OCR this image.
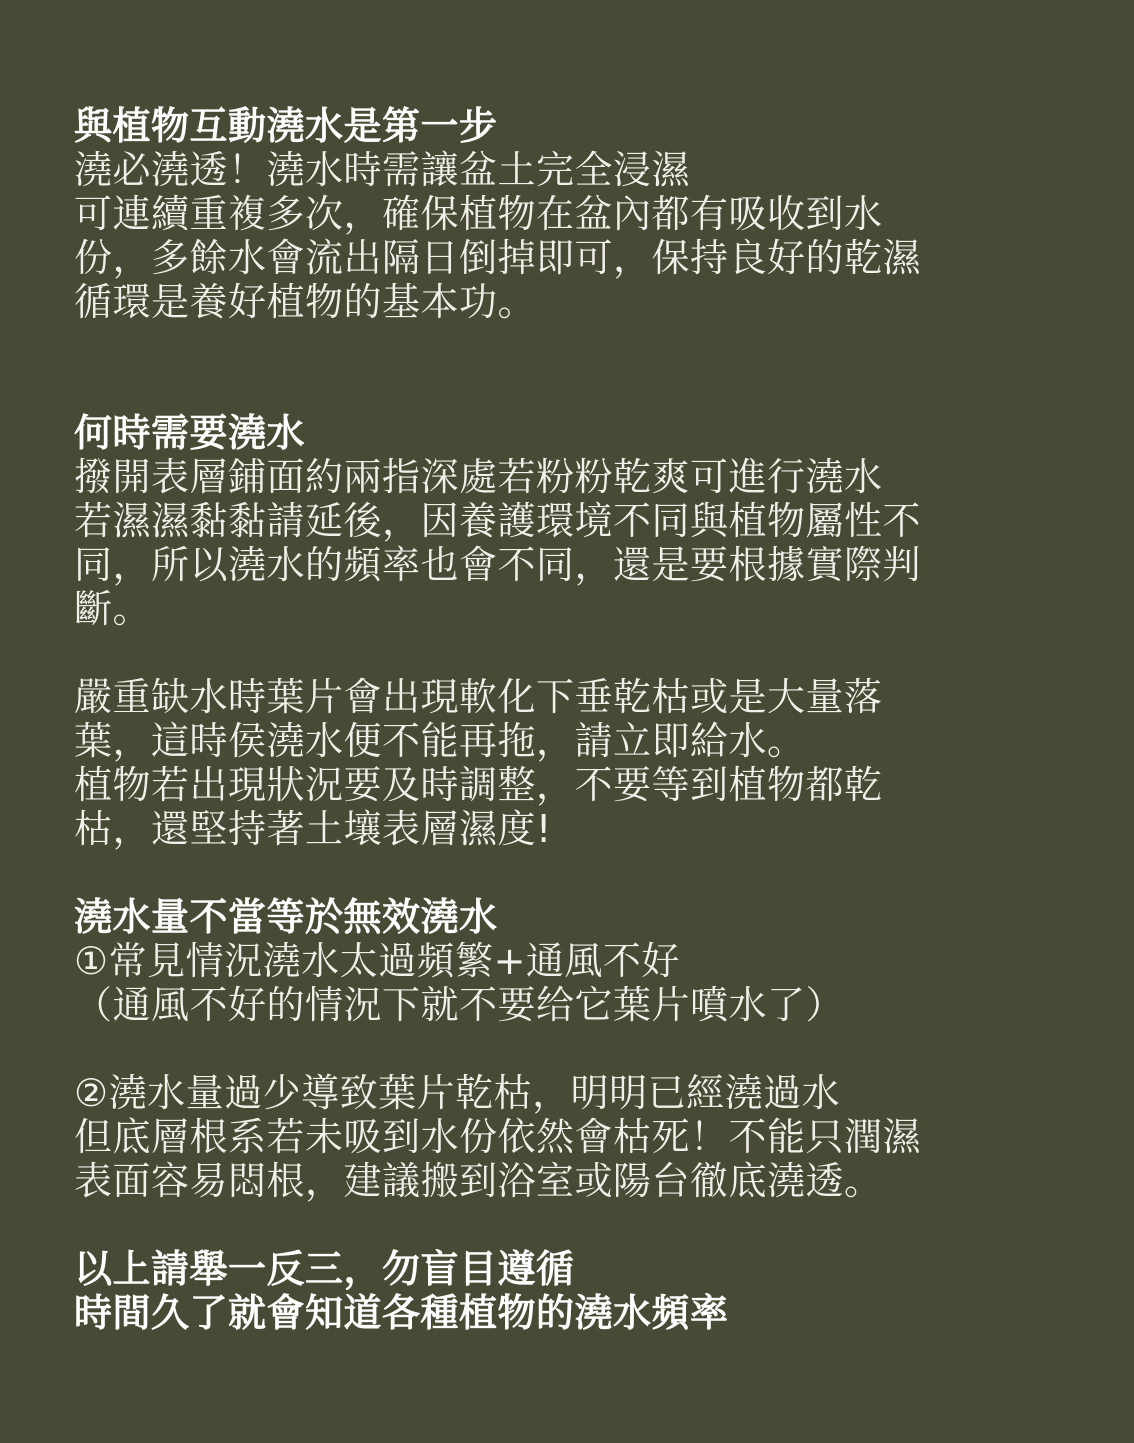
與植物互動澆水是第一步
澆必澆透！澆水時需讓盆土完全浸濕
可連續重複多次，確保植物在盆內都有吸收到水
份，多餘水會流出隔日倒掉即可，保持良好的乾濕
循環是養好植物的基本功。
何時需要澆水
撥開表層鋪面約兩指深處若粉粉乾爽可進行澆水
若濕濕黏黏請延後，因養護環境不同與植物屬性不
同，所以澆水的頻率也會不同，還是要根據實際判
斷。
嚴重缺水時葉片會出現軟化下垂乾枯或是大量落
葉，這時侯澆水便不能再拖，請立即給水。
植物若出現狀況要及時調整，不要等到植物都乾
枯，還堅持著土壤表層濕度!
澆水量不當等於無效澆水
①常見情況澆水太過頻繁+通風不好
（通風不好的情況下就不要给它葉片噴水了）
②澆水量過少導致葉片乾枯，明明已經澆過水
但底層根系若未吸到水份依然會枯死！不能只潤濕
表面容易悶根，建議搬到浴室或陽台徹底澆透。
以上請舉一反三，勿盲目遵循
時間久了就會知道各種植物的澆水頻率
